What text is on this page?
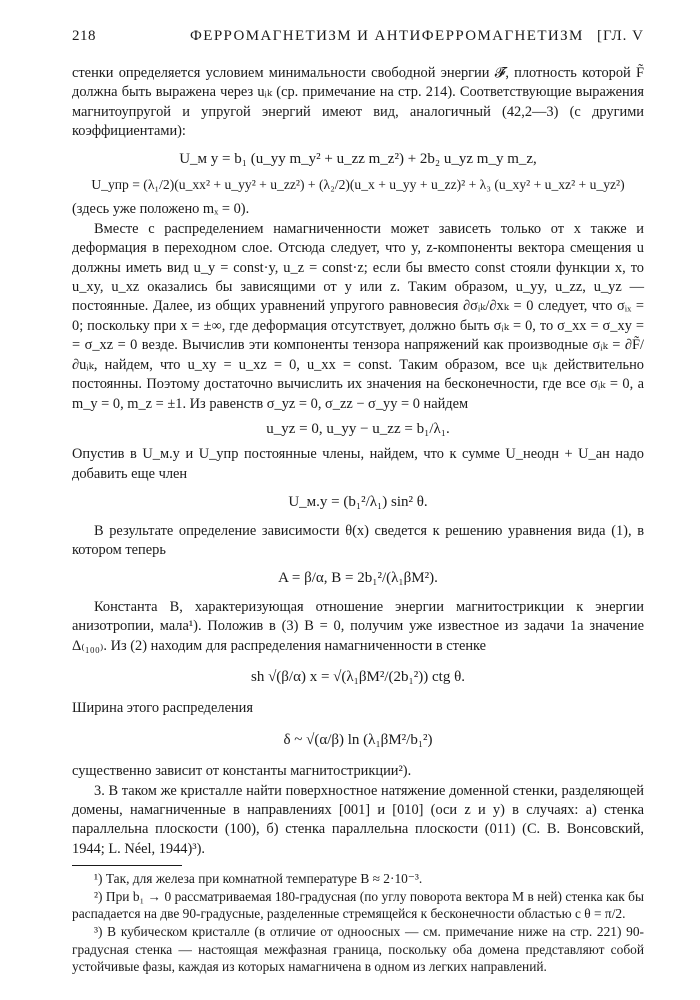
218	ФЕРРОМАГНЕТИЗМ И АНТИФЕРРОМАГНЕТИЗМ [ГЛ. V

стенки определяется условием минимальности свободной энергии 𝓕̃, плотность которой F̃ должна быть выражена через uᵢₖ (ср. примечание на стр. 214). Соответствующие выражения магнитоупругой и упругой энергий имеют вид, аналогичный (42,2—3) (с другими коэффициентами):

U_м у = b₁ (u_yy m_y² + u_zz m_z²) + 2b₂ u_yz m_y m_z,
U_упр = (λ₁/2)(u_xx² + u_yy² + u_zz²) + (λ₂/2)(u_x + u_yy + u_zz)² + λ₃ (u_xy² + u_xz² + u_yz²)

(здесь уже положено mₓ = 0).

Вместе с распределением намагниченности может зависеть только от x также и деформация в переходном слое. Отсюда следует, что y, z-компоненты вектора смещения u должны иметь вид u_y = const·y, u_z = const·z; если бы вместо const стояли функции x, то u_xy, u_xz оказались бы зависящими от y или z. Таким образом, u_yy, u_zz, u_yz — постоянные. Далее, из общих уравнений упругого равновесия ∂σᵢₖ/∂xₖ = 0 следует, что σᵢₓ = 0; поскольку при x = ±∞, где деформация отсутствует, должно быть σᵢₖ = 0, то σ_xx = σ_xy = = σ_xz = 0 везде. Вычислив эти компоненты тензора напряжений как производные σᵢₖ = ∂F̃/∂uᵢₖ, найдем, что u_xy = u_xz = 0, u_xx = const. Таким образом, все uᵢₖ действительно постоянны. Поэтому достаточно вычислить их значения на бесконечности, где все σᵢₖ = 0, а m_y = 0, m_z = ±1. Из равенств σ_yz = 0, σ_zz − σ_yy = 0 найдем

u_yz = 0, u_yy − u_zz = b₁/λ₁.

Опустив в U_м.у и U_упр постоянные члены, найдем, что к сумме U_неодн + U_ан надо добавить еще член

U_м.у = (b₁²/λ₁) sin² θ.

В результате определение зависимости θ(x) сведется к решению уравнения вида (1), в котором теперь

A = β/α, B = 2b₁²/(λ₁βM²).

Константа B, характеризующая отношение энергии магнитострикции к энергии анизотропии, мала¹). Положив в (3) B = 0, получим уже известное из задачи 1а значение Δ₍₁₀₀₎. Из (2) находим для распределения намагниченности в стенке

sh √(β/α) x = √(λ₁βM²/(2b₁²)) ctg θ.

Ширина этого распределения

δ ~ √(α/β) ln (λ₁βM²/b₁²)

существенно зависит от константы магнитострикции²).

3. В таком же кристалле найти поверхностное натяжение доменной стенки, разделяющей домены, намагниченные в направлениях [001] и [010] (оси z и y) в случаях: а) стенка параллельна плоскости (100), б) стенка параллельна плоскости (011) (С. В. Вонсовский, 1944; L. Néel, 1944)³).

¹) Так, для железа при комнатной температуре B ≈ 2·10⁻³.

²) При b₁ → 0 рассматриваемая 180-градусная (по углу поворота вектора M в ней) стенка как бы распадается на две 90-градусные, разделенные стремящейся к бесконечности областью с θ = π/2.

³) В кубическом кристалле (в отличие от одноосных — см. примечание ниже на стр. 221) 90-градусная стенка — настоящая межфазная граница, поскольку оба домена представляют собой устойчивые фазы, каждая из которых намагничена в одном из легких направлений.
